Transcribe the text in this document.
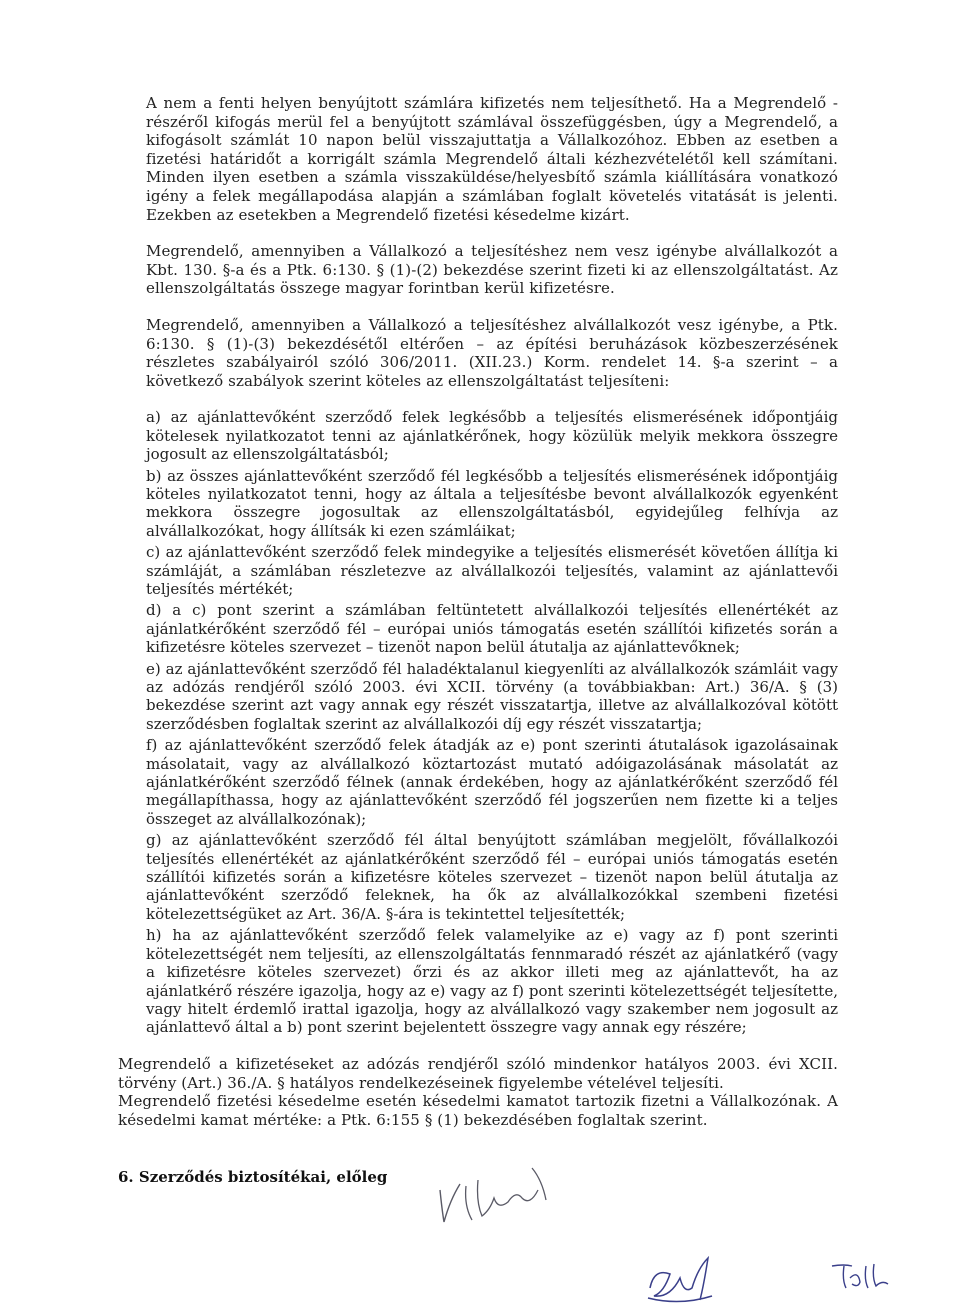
A nem a fenti helyen benyújtott számlára kifizetés nem teljesíthető. Ha a Megrendelő - részéről kifogás merül fel a benyújtott számlával összefüggésben, úgy a Megrendelő, a kifogásolt számlát 10 napon belül visszajuttatja a Vállalkozóhoz. Ebben az esetben a fizetési határidőt a korrigált számla Megrendelő általi kézhezvételétől kell számítani. Minden ilyen esetben a számla visszaküldése/helyesbítő számla kiállítására vonatkozó igény a felek megállapodása alapján a számlában foglalt követelés vitatását is jelenti. Ezekben az esetekben a Megrendelő fizetési késedelme kizárt.

Megrendelő, amennyiben a Vállalkozó a teljesítéshez nem vesz igénybe alvállalkozót a Kbt. 130. §-a és a Ptk. 6:130. § (1)-(2) bekezdése szerint fizeti ki az ellenszolgáltatást. Az ellenszolgáltatás összege magyar forintban kerül kifizetésre.

Megrendelő, amennyiben a Vállalkozó a teljesítéshez alvállalkozót vesz igénybe, a Ptk. 6:130. § (1)-(3) bekezdésétől eltérően – az építési beruházások közbeszerzésének részletes szabályairól szóló 306/2011. (XII.23.) Korm. rendelet 14. §-a szerint – a következő szabályok szerint köteles az ellenszolgáltatást teljesíteni:

a) az ajánlattevőként szerződő felek legkésőbb a teljesítés elismerésének időpontjáig kötelesek nyilatkozatot tenni az ajánlatkérőnek, hogy közülük melyik mekkora összegre jogosult az ellenszolgáltatásból;

b) az összes ajánlattevőként szerződő fél legkésőbb a teljesítés elismerésének időpontjáig köteles nyilatkozatot tenni, hogy az általa a teljesítésbe bevont alvállalkozók egyenként mekkora összegre jogosultak az ellenszolgáltatásból, egyidejűleg felhívja az alvállalkozókat, hogy állítsák ki ezen számláikat;

c) az ajánlattevőként szerződő felek mindegyike a teljesítés elismerését követően állítja ki számláját, a számlában részletezve az alvállalkozói teljesítés, valamint az ajánlattevői teljesítés mértékét;

d) a c) pont szerint a számlában feltüntetett alvállalkozói teljesítés ellenértékét az ajánlatkérőként szerződő fél – európai uniós támogatás esetén szállítói kifizetés során a kifizetésre köteles szervezet – tizenöt napon belül átutalja az ajánlattevőknek;

e) az ajánlattevőként szerződő fél haladéktalanul kiegyenlíti az alvállalkozók számláit vagy az adózás rendjéről szóló 2003. évi XCII. törvény (a továbbiakban: Art.) 36/A. § (3) bekezdése szerint azt vagy annak egy részét visszatartja, illetve az alvállalkozóval kötött szerződésben foglaltak szerint az alvállalkozói díj egy részét visszatartja;

f) az ajánlattevőként szerződő felek átadják az e) pont szerinti átutalások igazolásainak másolatait, vagy az alvállalkozó köztartozást mutató adóigazolásának másolatát az ajánlatkérőként szerződő félnek (annak érdekében, hogy az ajánlatkérőként szerződő fél megállapíthassa, hogy az ajánlattevőként szerződő fél jogszerűen nem fizette ki a teljes összeget az alvállalkozónak);

g) az ajánlattevőként szerződő fél által benyújtott számlában megjelölt, fővállalkozói teljesítés ellenértékét az ajánlatkérőként szerződő fél – európai uniós támogatás esetén szállítói kifizetés során a kifizetésre köteles szervezet – tizenöt napon belül átutalja az ajánlattevőként szerződő feleknek, ha ők az alvállalkozókkal szembeni fizetési kötelezettségüket az Art. 36/A. §-ára is tekintettel teljesítették;

h) ha az ajánlattevőként szerződő felek valamelyike az e) vagy az f) pont szerinti kötelezettségét nem teljesíti, az ellenszolgáltatás fennmaradó részét az ajánlatkérő (vagy a kifizetésre köteles szervezet) őrzi és az akkor illeti meg az ajánlattevőt, ha az ajánlatkérő részére igazolja, hogy az e) vagy az f) pont szerinti kötelezettségét teljesítette, vagy hitelt érdemlő irattal igazolja, hogy az alvállalkozó vagy szakember nem jogosult az ajánlattevő által a b) pont szerint bejelentett összegre vagy annak egy részére;

Megrendelő a kifizetéseket az adózás rendjéről szóló mindenkor hatályos 2003. évi XCII. törvény (Art.) 36./A. § hatályos rendelkezéseinek figyelembe vételével teljesíti.

Megrendelő fizetési késedelme esetén késedelmi kamatot tartozik fizetni a Vállalkozónak. A késedelmi kamat mértéke: a Ptk. 6:155 § (1) bekezdésében foglaltak szerint.

6. Szerződés biztosítékai, előleg
